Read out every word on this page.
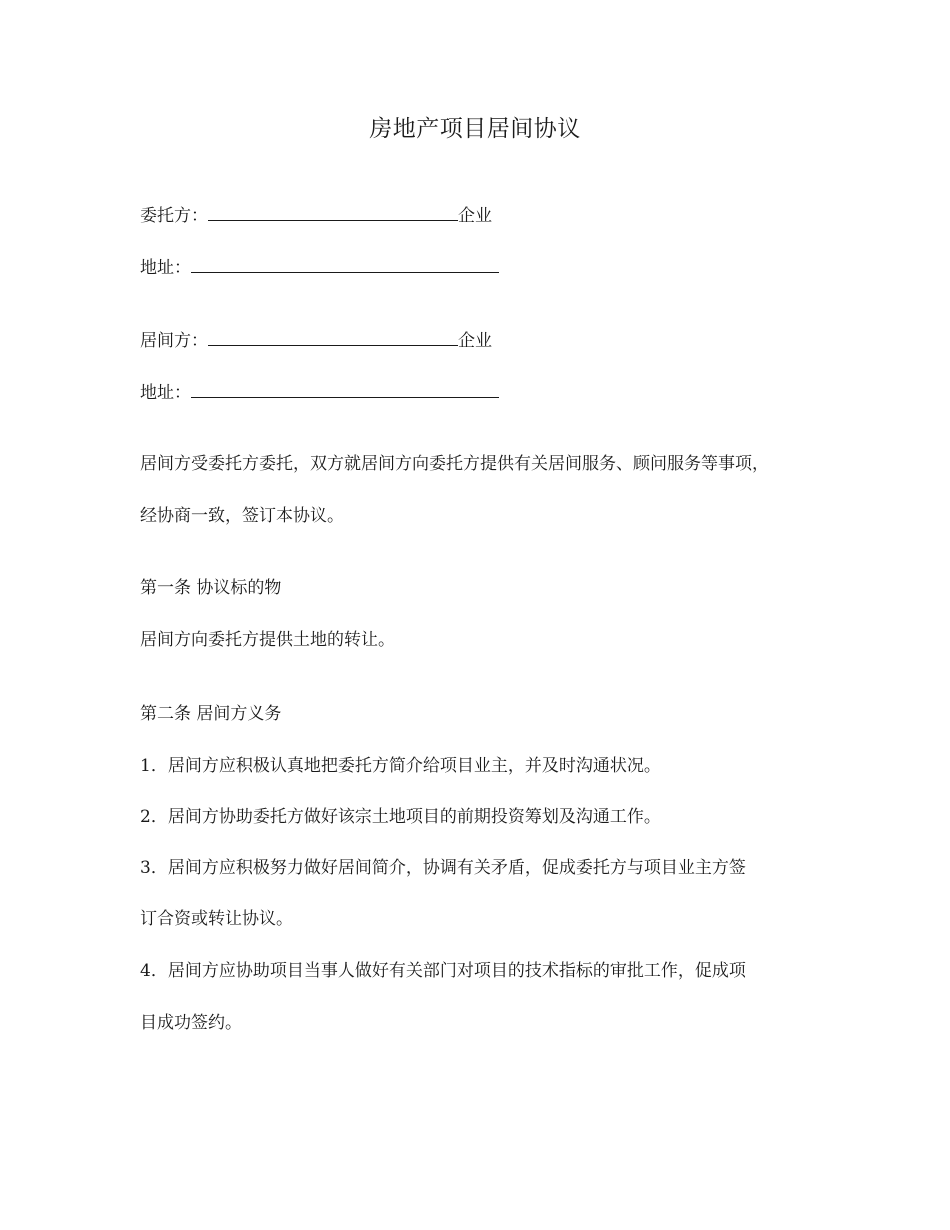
房地产项目居间协议
委托方：	企业
地址：
居间方：	企业
地址：
居间方受委托方委托，双方就居间方向委托方提供有关居间服务、顾问服务等事项，
经协商一致，签订本协议。
第一条 协议标的物
居间方向委托方提供土地的转让。
第二条 居间方义务
1．居间方应积极认真地把委托方简介给项目业主，并及时沟通状况。
2．居间方协助委托方做好该宗土地项目的前期投资筹划及沟通工作。
3．居间方应积极努力做好居间简介，协调有关矛盾，促成委托方与项目业主方签
订合资或转让协议。
4．居间方应协助项目当事人做好有关部门对项目的技术指标的审批工作，促成项
目成功签约。
